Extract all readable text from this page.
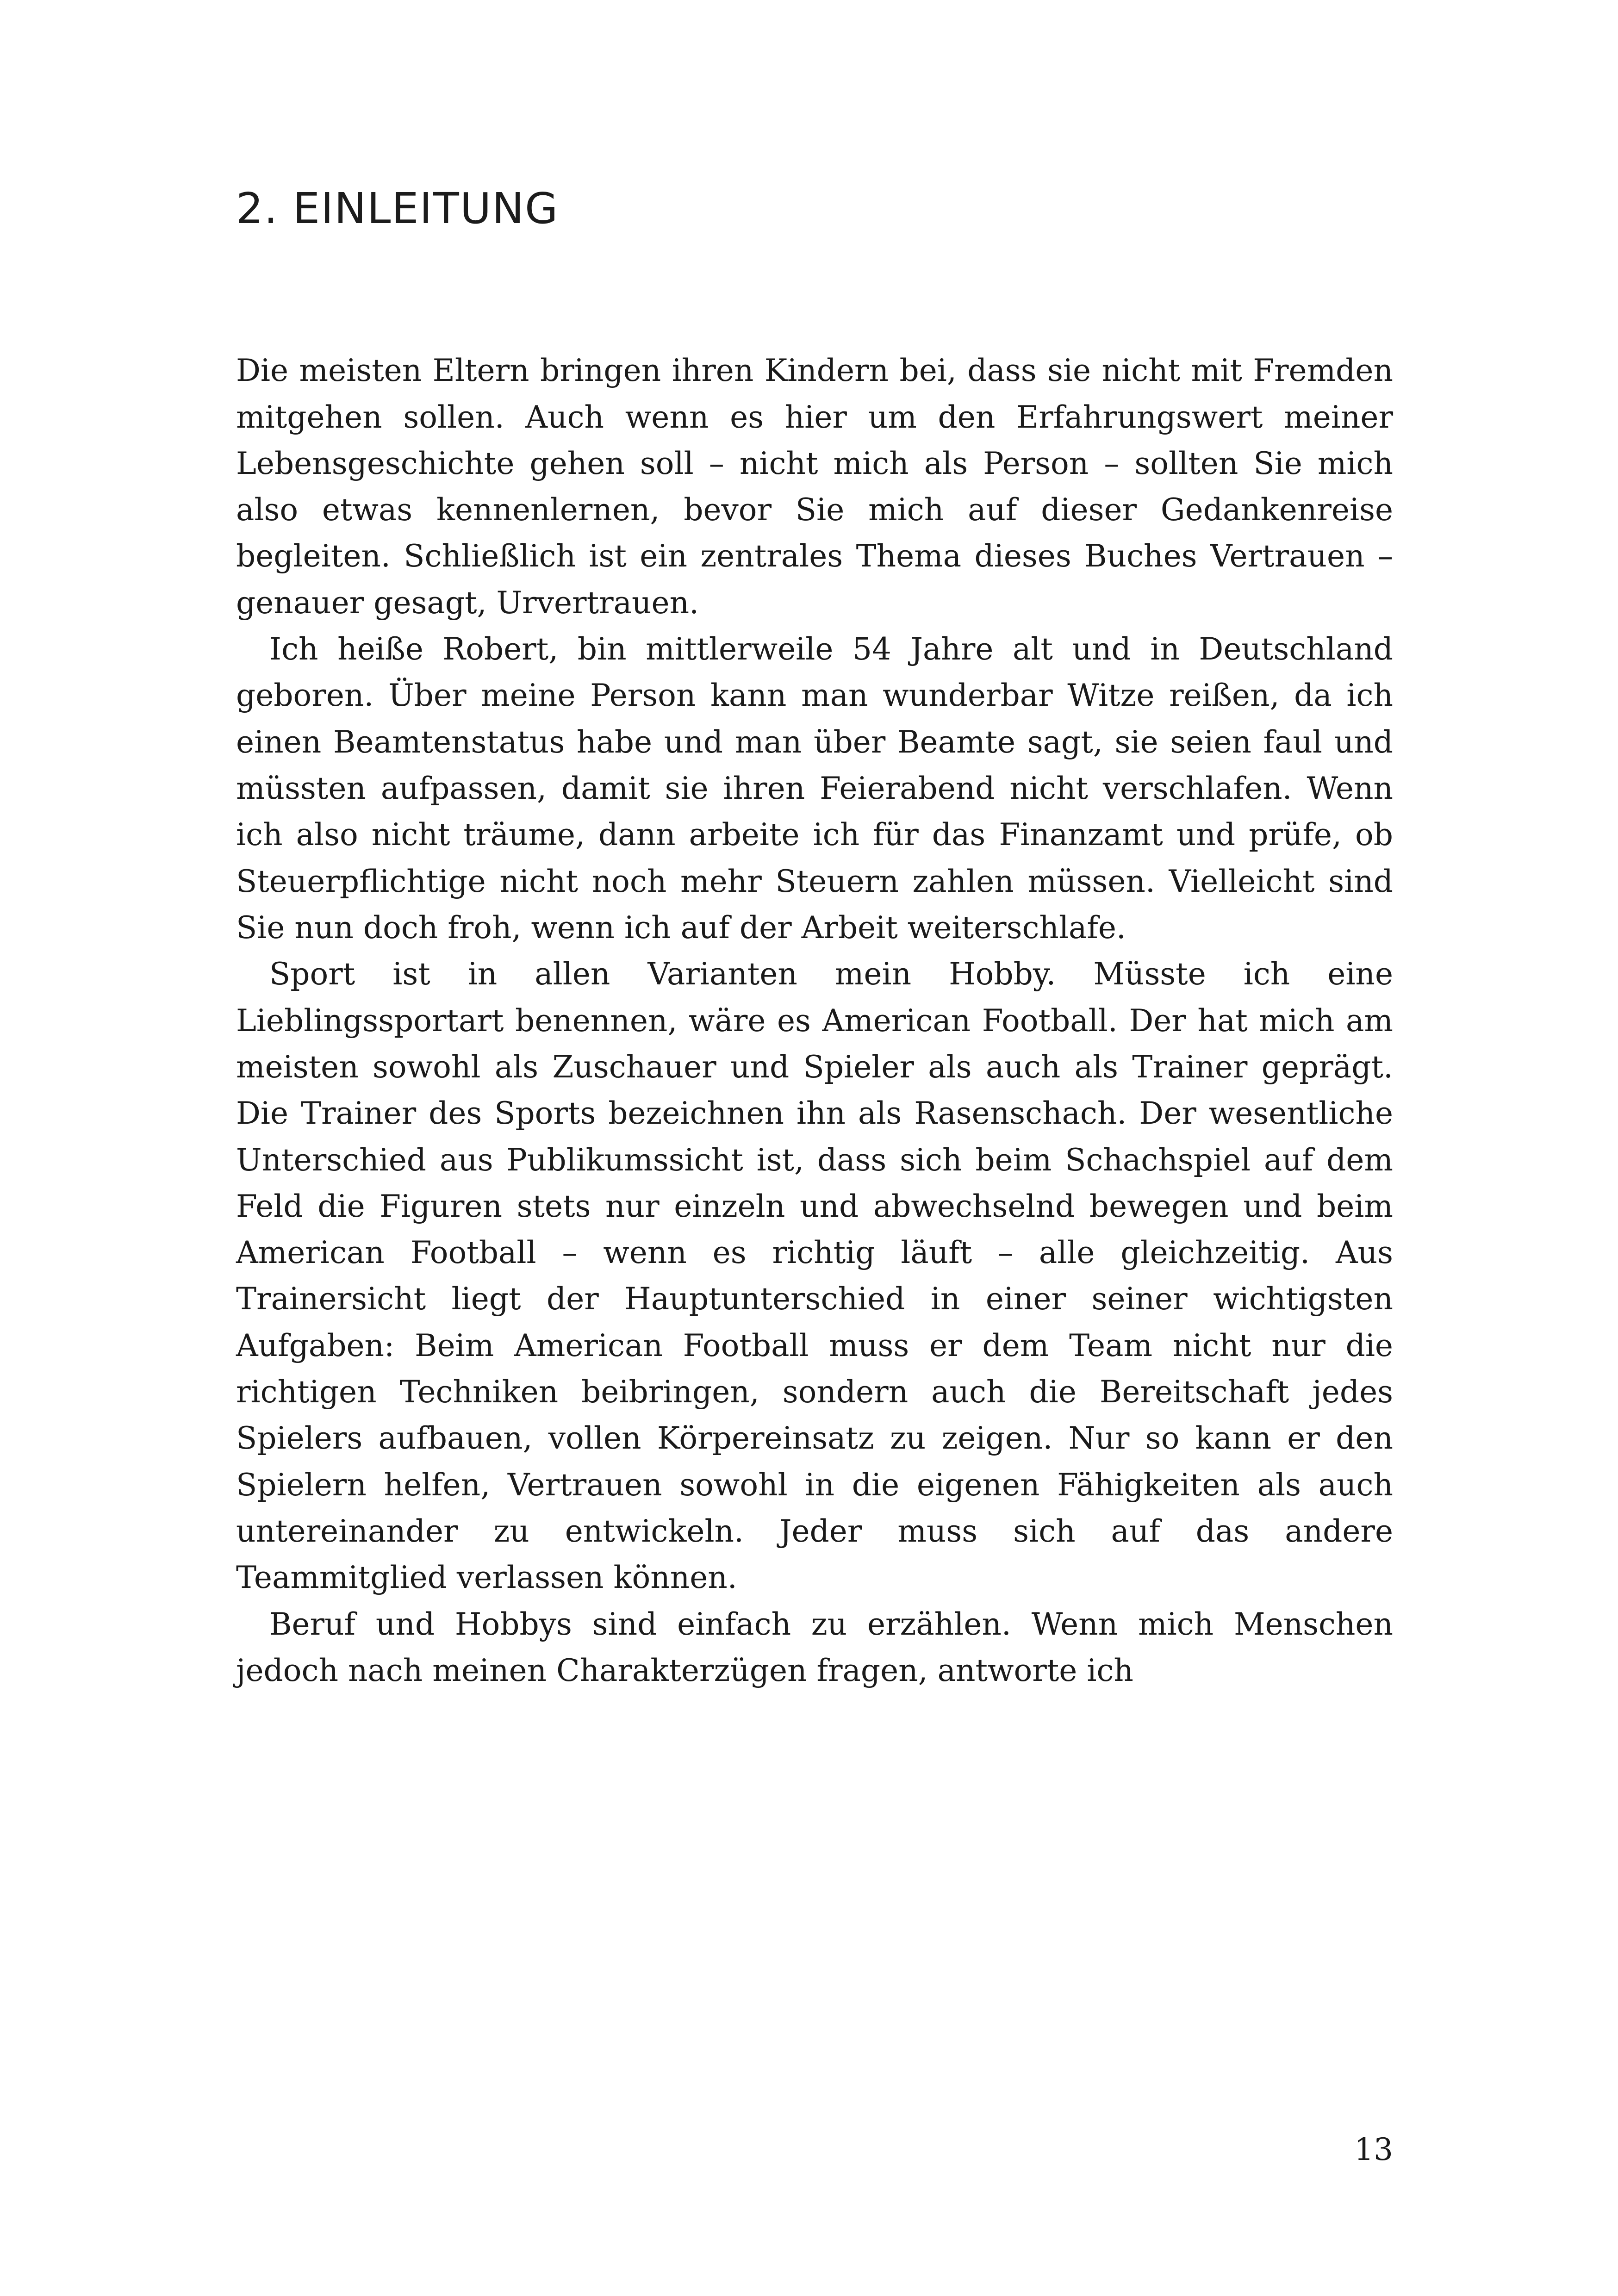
2. EINLEITUNG

Die meisten Eltern bringen ihren Kindern bei, dass sie nicht mit Fremden mitgehen sollen. Auch wenn es hier um den Erfahrungswert meiner Lebensgeschichte gehen soll – nicht mich als Person – sollten Sie mich also etwas kennenlernen, bevor Sie mich auf dieser Gedankenreise begleiten. Schließlich ist ein zentrales Thema dieses Buches Vertrauen – genauer gesagt, Urvertrauen.

Ich heiße Robert, bin mittlerweile 54 Jahre alt und in Deutschland geboren. Über meine Person kann man wunderbar Witze reißen, da ich einen Beamtenstatus habe und man über Beamte sagt, sie seien faul und müssten aufpassen, damit sie ihren Feierabend nicht verschlafen. Wenn ich also nicht träume, dann arbeite ich für das Finanzamt und prüfe, ob Steuerpflichtige nicht noch mehr Steuern zahlen müssen. Vielleicht sind Sie nun doch froh, wenn ich auf der Arbeit weiterschlafe.

Sport ist in allen Varianten mein Hobby. Müsste ich eine Lieblingssportart benennen, wäre es American Football. Der hat mich am meisten sowohl als Zuschauer und Spieler als auch als Trainer geprägt. Die Trainer des Sports bezeichnen ihn als Rasenschach. Der wesentliche Unterschied aus Publikumssicht ist, dass sich beim Schachspiel auf dem Feld die Figuren stets nur einzeln und abwechselnd bewegen und beim American Football – wenn es richtig läuft – alle gleichzeitig. Aus Trainersicht liegt der Hauptunterschied in einer seiner wichtigsten Aufgaben: Beim American Football muss er dem Team nicht nur die richtigen Techniken beibringen, sondern auch die Bereitschaft jedes Spielers aufbauen, vollen Körpereinsatz zu zeigen. Nur so kann er den Spielern helfen, Vertrauen sowohl in die eigenen Fähigkeiten als auch untereinander zu entwickeln. Jeder muss sich auf das andere Teammitglied verlassen können.

Beruf und Hobbys sind einfach zu erzählen. Wenn mich Menschen jedoch nach meinen Charakterzügen fragen, antworte ich

13
